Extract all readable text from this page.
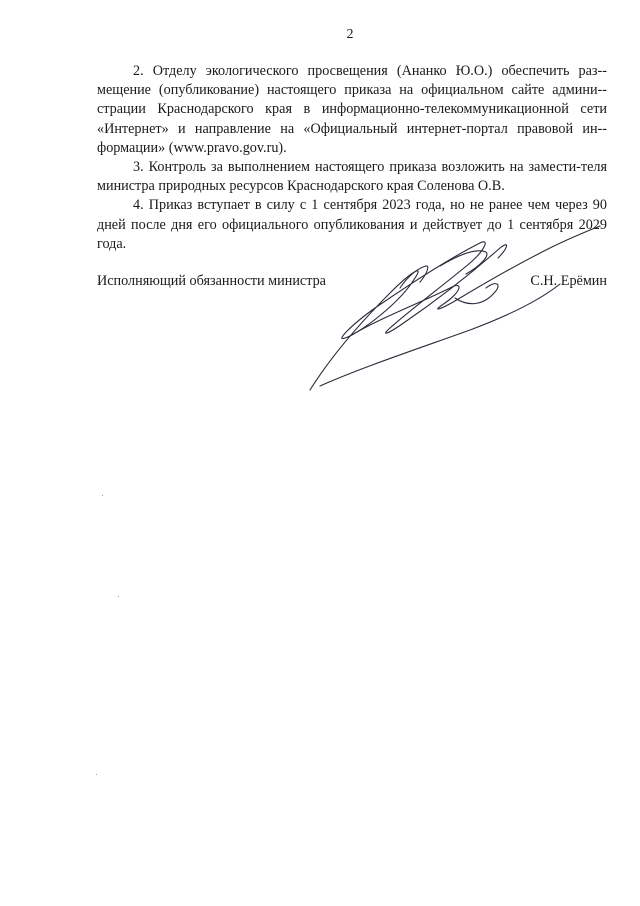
2

2. Отделу экологического просвещения (Ананко Ю.О.) обеспечить раз-мещение (опубликование) настоящего приказа на официальном сайте админи-страции Краснодарского края в информационно-телекоммуникационной сети «Интернет» и направление на «Официальный интернет-портал правовой ин-формации» (www.pravo.gov.ru).

3. Контроль за выполнением настоящего приказа возложить на замести-теля министра природных ресурсов Краснодарского края Соленова О.В.

4. Приказ вступает в силу с 1 сентября 2023 года, но не ранее чем через 90 дней после дня его официального опубликования и действует до 1 сентября 2029 года.

Исполняющий обязанности министра	С.Н. Ерёмин
